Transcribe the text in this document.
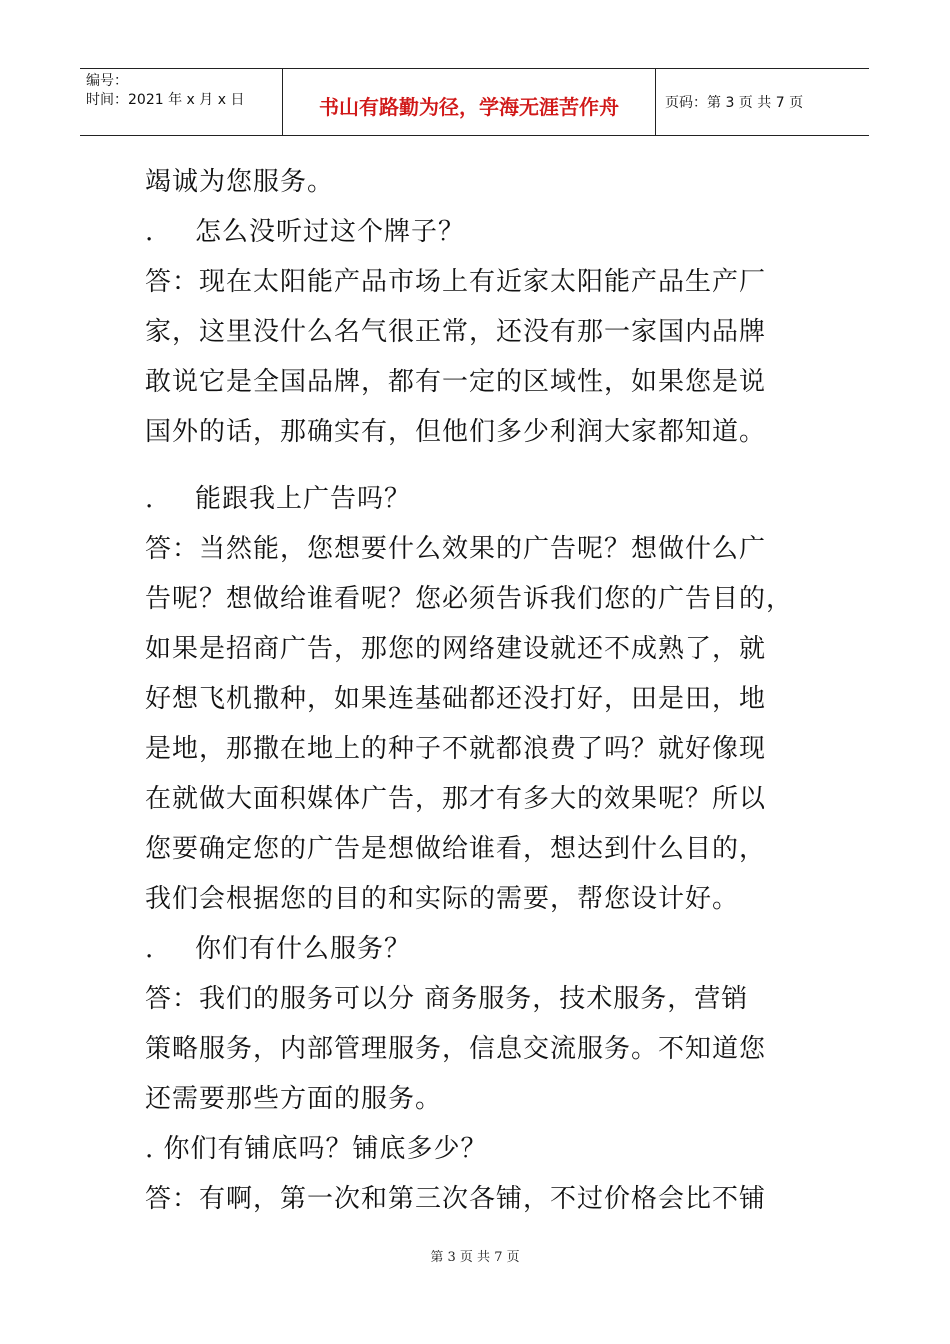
编号：
时间：2021 年 x 月 x 日	书山有路勤为径，学海无涯苦作舟	页码：第 3 页 共 7 页
竭诚为您服务。
. 怎么没听过这个牌子？
答：现在太阳能产品市场上有近家太阳能产品生产厂
家，这里没什么名气很正常，还没有那一家国内品牌
敢说它是全国品牌，都有一定的区域性，如果您是说
国外的话，那确实有，但他们多少利润大家都知道。
. 能跟我上广告吗？
答：当然能，您想要什么效果的广告呢？想做什么广
告呢？想做给谁看呢？您必须告诉我们您的广告目的，
如果是招商广告，那您的网络建设就还不成熟了，就
好想飞机撒种，如果连基础都还没打好，田是田，地
是地，那撒在地上的种子不就都浪费了吗？就好像现
在就做大面积媒体广告，那才有多大的效果呢？所以
您要确定您的广告是想做给谁看，想达到什么目的，
我们会根据您的目的和实际的需要，帮您设计好。
. 你们有什么服务？
答：我们的服务可以分 商务服务，技术服务，营销
策略服务，内部管理服务，信息交流服务。不知道您
还需要那些方面的服务。
. 你们有铺底吗？铺底多少？
答：有啊，第一次和第三次各铺，不过价格会比不铺
第 3 页 共 7 页
